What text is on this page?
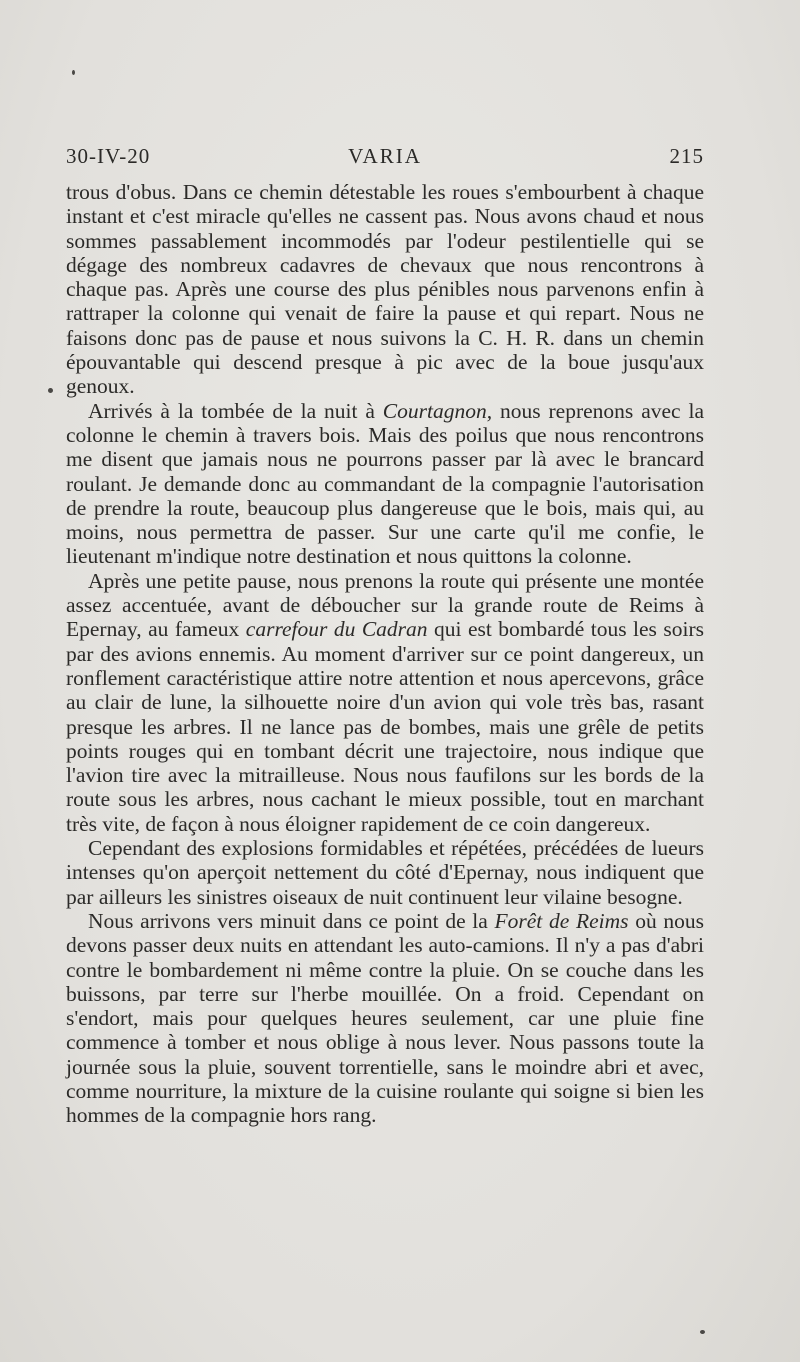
30-IV-20	VARIA	215

trous d'obus. Dans ce chemin détestable les roues s'embourbent à chaque instant et c'est miracle qu'elles ne cassent pas. Nous avons chaud et nous sommes passablement incommodés par l'odeur pestilentielle qui se dégage des nombreux cadavres de chevaux que nous rencontrons à chaque pas. Après une course des plus pénibles nous parvenons enfin à rattraper la colonne qui venait de faire la pause et qui repart. Nous ne faisons donc pas de pause et nous suivons la C. H. R. dans un chemin épouvantable qui descend presque à pic avec de la boue jusqu'aux genoux.

Arrivés à la tombée de la nuit à Courtagnon, nous reprenons avec la colonne le chemin à travers bois. Mais des poilus que nous rencontrons me disent que jamais nous ne pourrons passer par là avec le brancard roulant. Je demande donc au commandant de la compagnie l'autorisation de prendre la route, beaucoup plus dangereuse que le bois, mais qui, au moins, nous permettra de passer. Sur une carte qu'il me confie, le lieutenant m'indique notre destination et nous quittons la colonne.

Après une petite pause, nous prenons la route qui présente une montée assez accentuée, avant de déboucher sur la grande route de Reims à Epernay, au fameux carrefour du Cadran qui est bombardé tous les soirs par des avions ennemis. Au moment d'arriver sur ce point dangereux, un ronflement caractéristique attire notre attention et nous apercevons, grâce au clair de lune, la silhouette noire d'un avion qui vole très bas, rasant presque les arbres. Il ne lance pas de bombes, mais une grêle de petits points rouges qui en tombant décrit une trajectoire, nous indique que l'avion tire avec la mitrailleuse. Nous nous faufilons sur les bords de la route sous les arbres, nous cachant le mieux possible, tout en marchant très vite, de façon à nous éloigner rapidement de ce coin dangereux.

Cependant des explosions formidables et répétées, précédées de lueurs intenses qu'on aperçoit nettement du côté d'Epernay, nous indiquent que par ailleurs les sinistres oiseaux de nuit continuent leur vilaine besogne.

Nous arrivons vers minuit dans ce point de la Forêt de Reims où nous devons passer deux nuits en attendant les auto-camions. Il n'y a pas d'abri contre le bombardement ni même contre la pluie. On se couche dans les buissons, par terre sur l'herbe mouillée. On a froid. Cependant on s'endort, mais pour quelques heures seulement, car une pluie fine commence à tomber et nous oblige à nous lever. Nous passons toute la journée sous la pluie, souvent torrentielle, sans le moindre abri et avec, comme nourriture, la mixture de la cuisine roulante qui soigne si bien les hommes de la compagnie hors rang.
